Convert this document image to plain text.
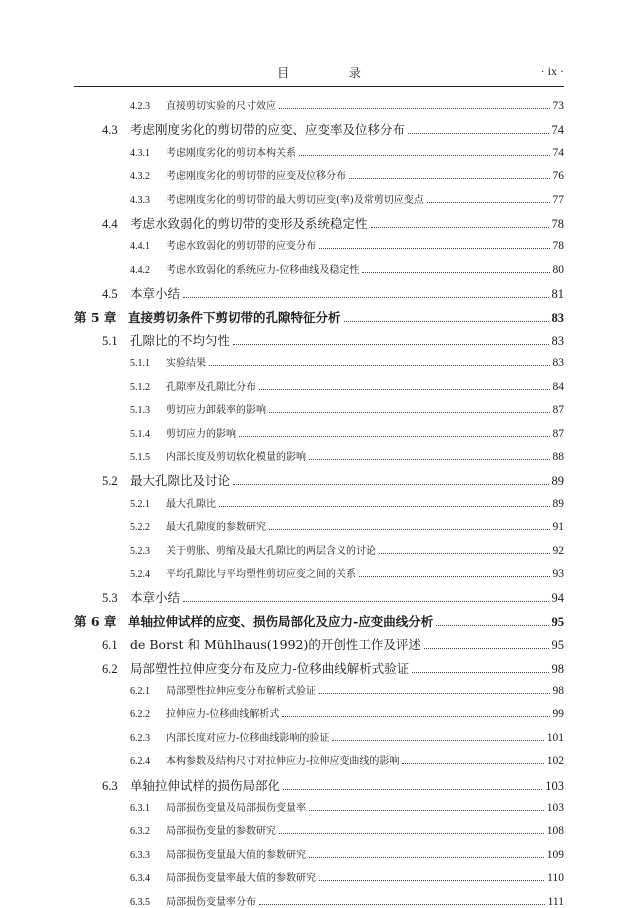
目 录	· ix ·
4.2.3	直接剪切实验的尺寸效应	73
4.3 考虑刚度劣化的剪切带的应变、应变率及位移分布	74
4.3.1	考虑刚度劣化的剪切本构关系	74
4.3.2	考虑刚度劣化的剪切带的应变及位移分布	76
4.3.3	考虑刚度劣化的剪切带的最大剪切应变(率)及常剪切应变点	77
4.4 考虑水致弱化的剪切带的变形及系统稳定性	78
4.4.1	考虑水致弱化的剪切带的应变分布	78
4.4.2	考虑水致弱化的系统应力-位移曲线及稳定性	80
4.5 本章小结	81
第 5 章 直接剪切条件下剪切带的孔隙特征分析	83
5.1 孔隙比的不均匀性	83
5.1.1	实验结果	83
5.1.2	孔隙率及孔隙比分布	84
5.1.3	剪切应力卸载率的影响	87
5.1.4	剪切应力的影响	87
5.1.5	内部长度及剪切软化模量的影响	88
5.2 最大孔隙比及讨论	89
5.2.1	最大孔隙比	89
5.2.2	最大孔隙度的参数研究	91
5.2.3	关于剪胀、剪缩及最大孔隙比的两层含义的讨论	92
5.2.4	平均孔隙比与平均塑性剪切应变之间的关系	93
5.3 本章小结	94
第 6 章 单轴拉伸试样的应变、损伤局部化及应力-应变曲线分析	95
6.1 de Borst 和 Mühlhaus(1992)的开创性工作及评述	95
6.2 局部塑性拉伸应变分布及应力-位移曲线解析式验证	98
6.2.1	局部塑性拉伸应变分布解析式验证	98
6.2.2	拉伸应力-位移曲线解析式	99
6.2.3	内部长度对应力-位移曲线影响的验证	101
6.2.4	本构参数及结构尺寸对拉伸应力-拉伸应变曲线的影响	102
6.3 单轴拉伸试样的损伤局部化	103
6.3.1	局部损伤变量及局部损伤变量率	103
6.3.2	局部损伤变量的参数研究	108
6.3.3	局部损伤变量最大值的参数研究	109
6.3.4	局部损伤变量率最大值的参数研究	110
6.3.5	局部损伤变量率分布	111
